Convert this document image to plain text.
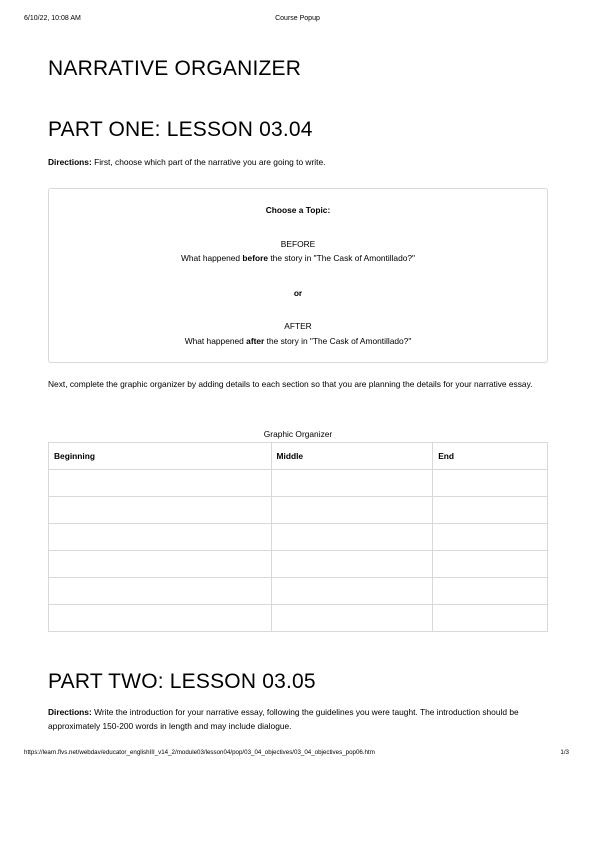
6/10/22, 10:08 AM	Course Popup
NARRATIVE ORGANIZER
PART ONE: LESSON 03.04

Directions: First, choose which part of the narrative you are going to write.

Choose a Topic:
BEFORE
What happened before the story in "The Cask of Amontillado?"
or
AFTER
What happened after the story in "The Cask of Amontillado?"

Next, complete the graphic organizer by adding details to each section so that you are planning the details for your narrative essay.

Graphic Organizer
Beginning	Middle	End

PART TWO: LESSON 03.05

Directions: Write the introduction for your narrative essay, following the guidelines you were taught. The introduction should be approximately 150-200 words in length and may include dialogue.

https://learn.flvs.net/webdav/educator_englishIII_v14_2/module03/lesson04/pop/03_04_objectives/03_04_objectives_pop06.htm	1/3
